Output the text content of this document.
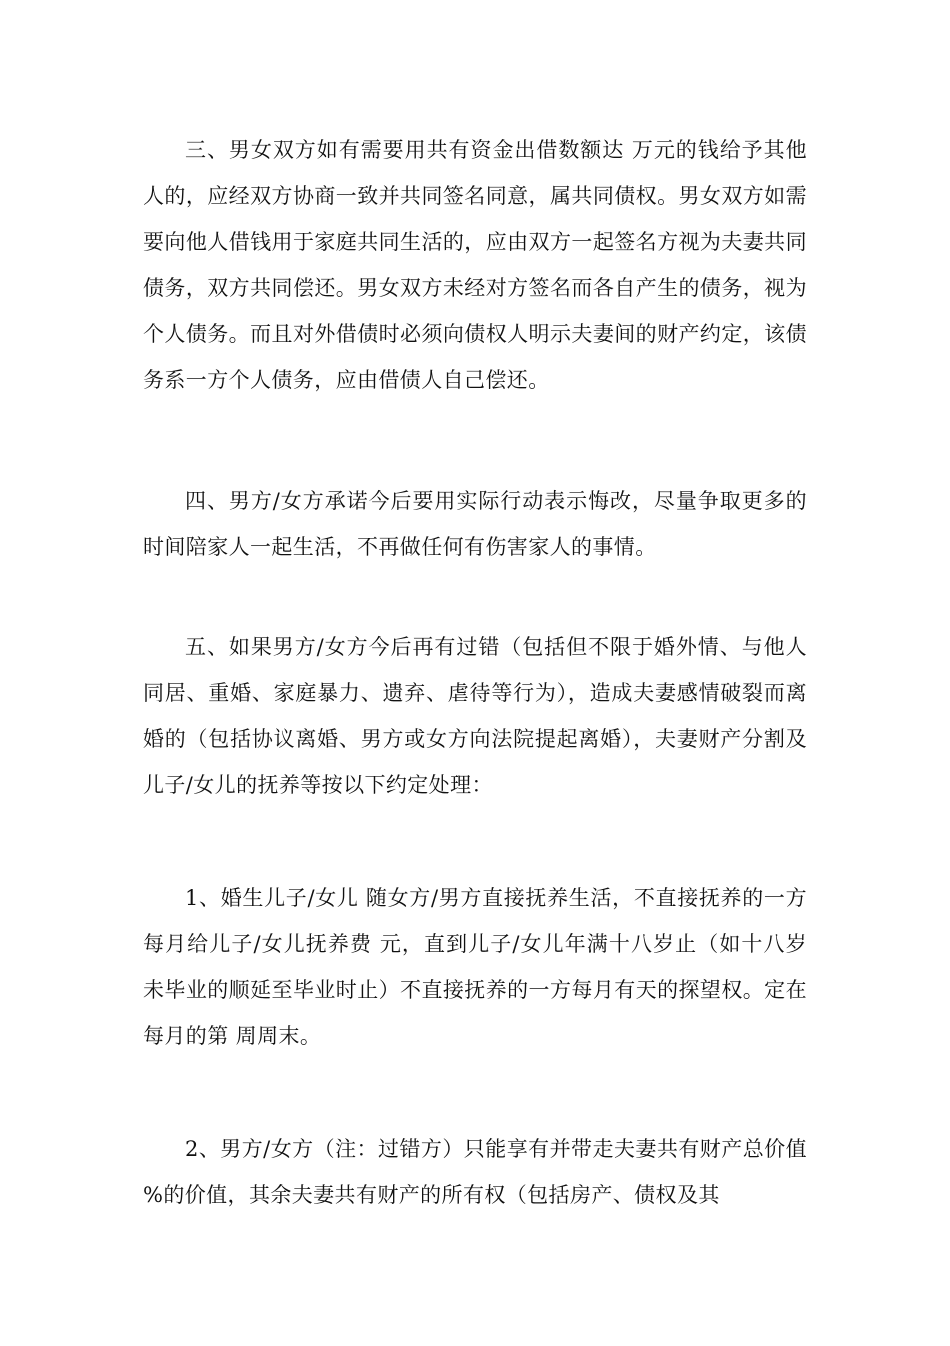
三、男女双方如有需要用共有资金出借数额达 万元的钱给予其他人的，应经双方协商一致并共同签名同意，属共同债权。男女双方如需要向他人借钱用于家庭共同生活的，应由双方一起签名方视为夫妻共同债务，双方共同偿还。男女双方未经对方签名而各自产生的债务，视为个人债务。而且对外借债时必须向债权人明示夫妻间的财产约定，该债务系一方个人债务，应由借债人自己偿还。

四、男方/女方承诺今后要用实际行动表示悔改，尽量争取更多的时间陪家人一起生活，不再做任何有伤害家人的事情。

五、如果男方/女方今后再有过错（包括但不限于婚外情、与他人同居、重婚、家庭暴力、遗弃、虐待等行为），造成夫妻感情破裂而离婚的（包括协议离婚、男方或女方向法院提起离婚），夫妻财产分割及儿子/女儿的抚养等按以下约定处理：

1、婚生儿子/女儿 随女方/男方直接抚养生活，不直接抚养的一方每月给儿子/女儿抚养费 元，直到儿子/女儿年满十八岁止（如十八岁未毕业的顺延至毕业时止）不直接抚养的一方每月有天的探望权。定在每月的第 周周末。

2、男方/女方（注：过错方）只能享有并带走夫妻共有财产总价值 %的价值，其余夫妻共有财产的所有权（包括房产、债权及其
